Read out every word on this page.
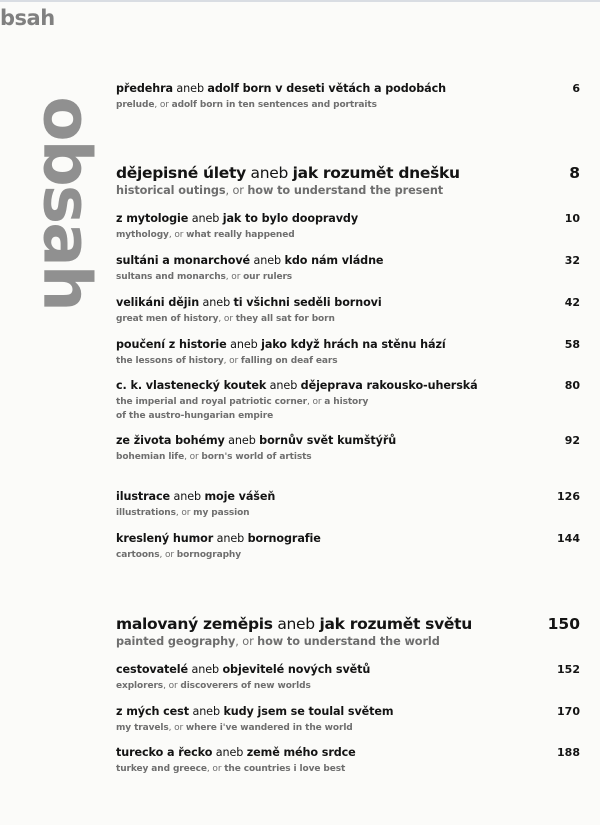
bsah
obsah
předehra aneb adolf born v deseti větách a podobách
prelude, or adolf born in ten sentences and portraits
6
dějepisné úlety aneb jak rozumět dnešku
historical outings, or how to understand the present
8
z mytologie aneb jak to bylo doopravdy
mythology, or what really happened
10
sultáni a monarchové aneb kdo nám vládne
sultans and monarchs, or our rulers
32
velikáni dějin aneb ti všichni seděli bornovi
great men of history, or they all sat for born
42
poučení z historie aneb jako když hrách na stěnu hází
the lessons of history, or falling on deaf ears
58
c. k. vlastenecký koutek aneb dějeprava rakousko-uherská
the imperial and royal patriotic corner, or a history
of the austro-hungarian empire
80
ze života bohémy aneb bornův svět kumštýřů
bohemian life, or born's world of artists
92
ilustrace aneb moje vášeň
illustrations, or my passion
126
kreslený humor aneb bornografie
cartoons, or bornography
144
malovaný zeměpis aneb jak rozumět světu
painted geography, or how to understand the world
150
cestovatelé aneb objevitelé nových světů
explorers, or discoverers of new worlds
152
z mých cest aneb kudy jsem se toulal světem
my travels, or where i've wandered in the world
170
turecko a řecko aneb země mého srdce
turkey and greece, or the countries i love best
188
